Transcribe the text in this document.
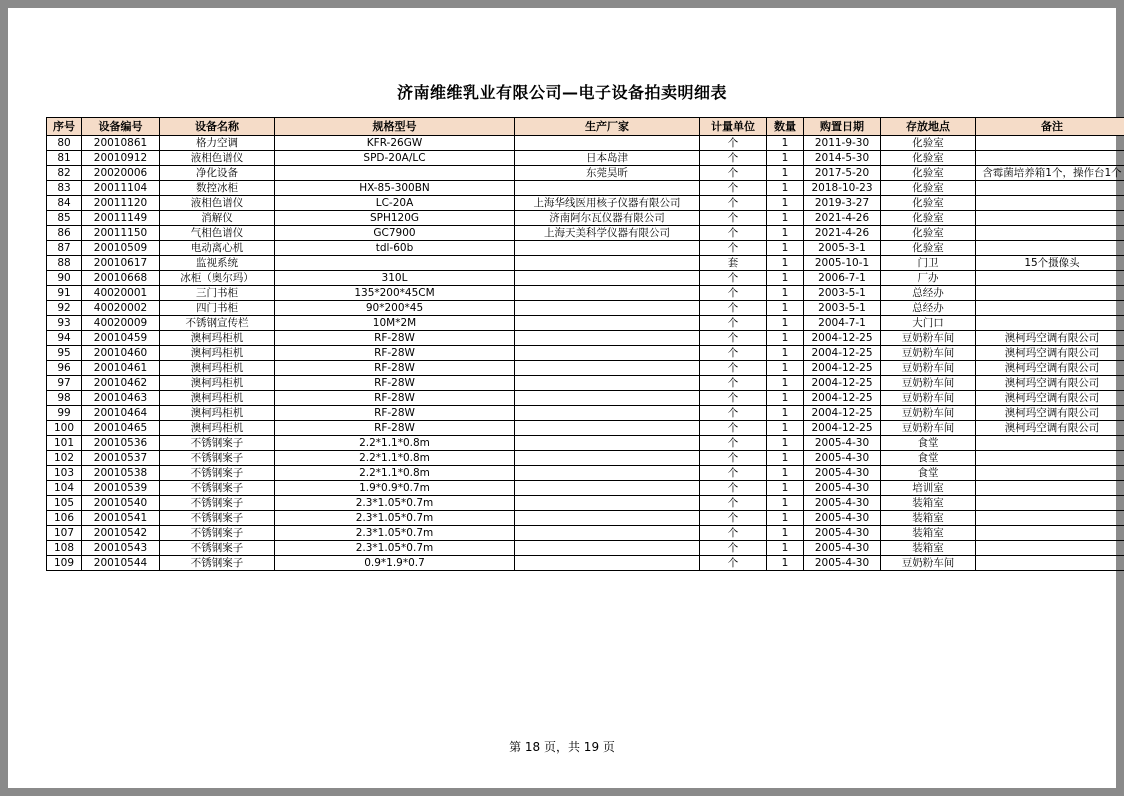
济南维维乳业有限公司—电子设备拍卖明细表
序号	设备编号	设备名称	规格型号	生产厂家	计量单位	数量	购置日期	存放地点	备注
80	20010861	格力空调	KFR-26GW		个	1	2011-9-30	化验室	
81	20010912	液相色谱仪	SPD-20A/LC	日本岛津	个	1	2014-5-30	化验室	
82	20020006	净化设备		东莞昊昕	个	1	2017-5-20	化验室	含霉菌培养箱1个，操作台1个
83	20011104	数控冰柜	HX-85-300BN		个	1	2018-10-23	化验室	
84	20011120	液相色谱仪	LC-20A	上海华线医用核子仪器有限公司	个	1	2019-3-27	化验室	
85	20011149	消解仪	SPH120G	济南阿尔瓦仪器有限公司	个	1	2021-4-26	化验室	
86	20011150	气相色谱仪	GC7900	上海天美科学仪器有限公司	个	1	2021-4-26	化验室	
87	20010509	电动离心机	tdl-60b		个	1	2005-3-1	化验室	
88	20010617	监视系统			套	1	2005-10-1	门卫	15个摄像头
90	20010668	冰柜（奥尔玛）	310L		个	1	2006-7-1	厂办	
91	40020001	三门书柜	135*200*45CM		个	1	2003-5-1	总经办	
92	40020002	四门书柜	90*200*45		个	1	2003-5-1	总经办	
93	40020009	不锈钢宣传栏	10M*2M		个	1	2004-7-1	大门口	
94	20010459	澳柯玛柜机	RF-28W		个	1	2004-12-25	豆奶粉车间	澳柯玛空调有限公司
95	20010460	澳柯玛柜机	RF-28W		个	1	2004-12-25	豆奶粉车间	澳柯玛空调有限公司
96	20010461	澳柯玛柜机	RF-28W		个	1	2004-12-25	豆奶粉车间	澳柯玛空调有限公司
97	20010462	澳柯玛柜机	RF-28W		个	1	2004-12-25	豆奶粉车间	澳柯玛空调有限公司
98	20010463	澳柯玛柜机	RF-28W		个	1	2004-12-25	豆奶粉车间	澳柯玛空调有限公司
99	20010464	澳柯玛柜机	RF-28W		个	1	2004-12-25	豆奶粉车间	澳柯玛空调有限公司
100	20010465	澳柯玛柜机	RF-28W		个	1	2004-12-25	豆奶粉车间	澳柯玛空调有限公司
101	20010536	不锈钢案子	2.2*1.1*0.8m		个	1	2005-4-30	食堂	
102	20010537	不锈钢案子	2.2*1.1*0.8m		个	1	2005-4-30	食堂	
103	20010538	不锈钢案子	2.2*1.1*0.8m		个	1	2005-4-30	食堂	
104	20010539	不锈钢案子	1.9*0.9*0.7m		个	1	2005-4-30	培训室	
105	20010540	不锈钢案子	2.3*1.05*0.7m		个	1	2005-4-30	装箱室	
106	20010541	不锈钢案子	2.3*1.05*0.7m		个	1	2005-4-30	装箱室	
107	20010542	不锈钢案子	2.3*1.05*0.7m		个	1	2005-4-30	装箱室	
108	20010543	不锈钢案子	2.3*1.05*0.7m		个	1	2005-4-30	装箱室	
109	20010544	不锈钢案子	0.9*1.9*0.7		个	1	2005-4-30	豆奶粉车间	
第 18 页，共 19 页
